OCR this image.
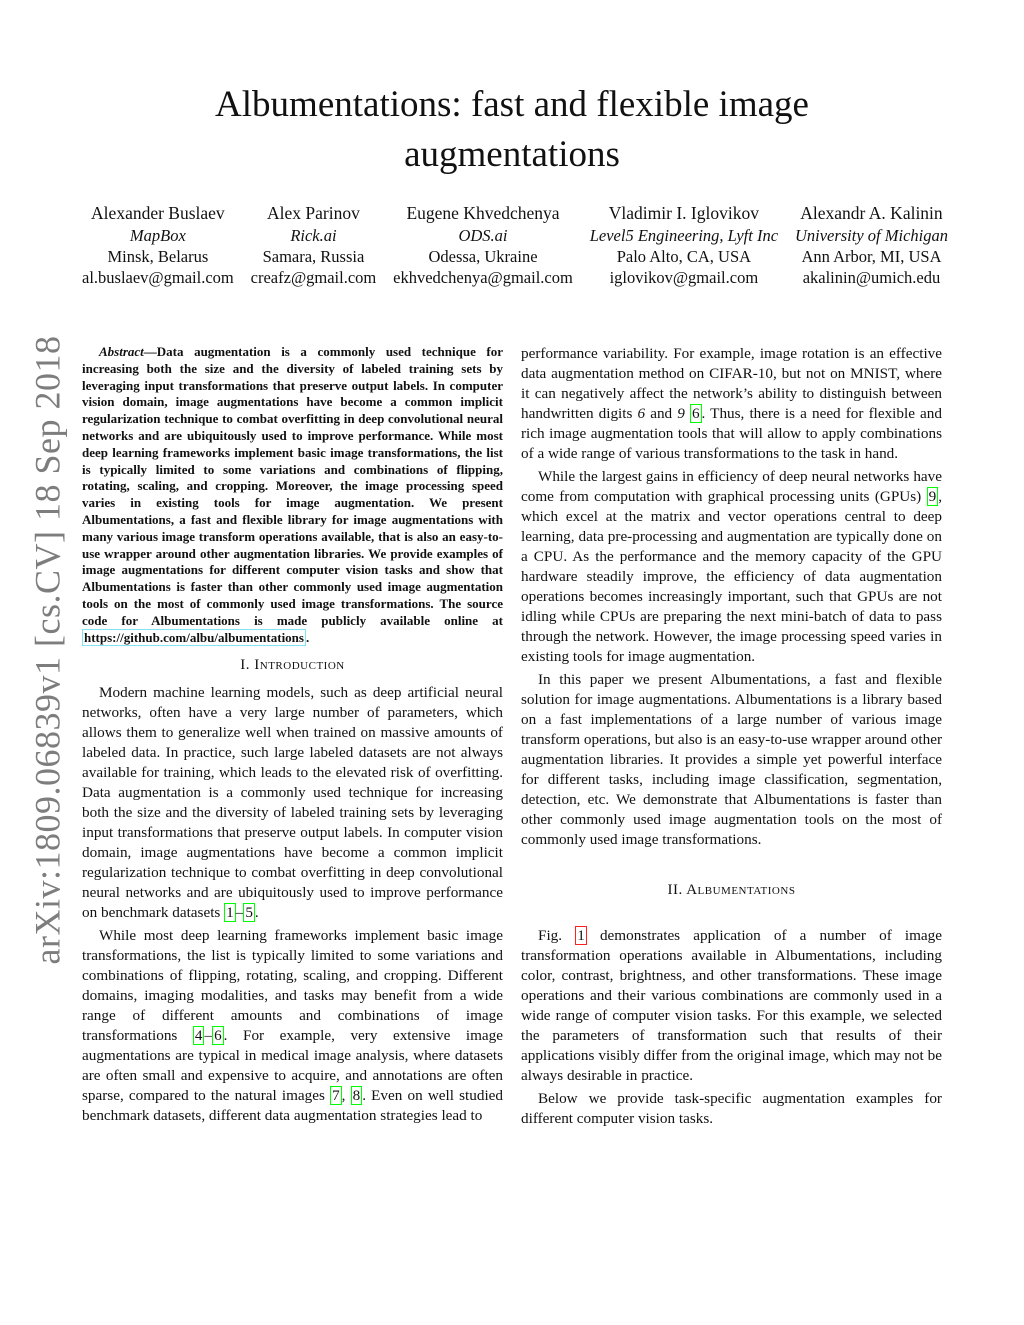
arXiv:1809.06839v1 [cs.CV] 18 Sep 2018
Albumentations: fast and flexible image augmentations
Alexander Buslaev
MapBox
Minsk, Belarus
al.buslaev@gmail.com
Alex Parinov
Rick.ai
Samara, Russia
creafz@gmail.com
Eugene Khvedchenya
ODS.ai
Odessa, Ukraine
ekhvedchenya@gmail.com
Vladimir I. Iglovikov
Level5 Engineering, Lyft Inc
Palo Alto, CA, USA
iglovikov@gmail.com
Alexandr A. Kalinin
University of Michigan
Ann Arbor, MI, USA
akalinin@umich.edu

Abstract—Data augmentation is a commonly used technique for increasing both the size and the diversity of labeled training sets by leveraging input transformations that preserve output labels. In computer vision domain, image augmentations have become a common implicit regularization technique to combat overfitting in deep convolutional neural networks and are ubiquitously used to improve performance. While most deep learning frameworks implement basic image transformations, the list is typically limited to some variations and combinations of flipping, rotating, scaling, and cropping. Moreover, the image processing speed varies in existing tools for image augmentation. We present Albumentations, a fast and flexible library for image augmentations with many various image transform operations available, that is also an easy-to-use wrapper around other augmentation libraries. We provide examples of image augmentations for different computer vision tasks and show that Albumentations is faster than other commonly used image augmentation tools on the most of commonly used image transformations. The source code for Albumentations is made publicly available online at https://github.com/albu/albumentations .

I. Introduction

Modern machine learning models, such as deep artificial neural networks, often have a very large number of parameters, which allows them to generalize well when trained on massive amounts of labeled data. In practice, such large labeled datasets are not always available for training, which leads to the elevated risk of overfitting. Data augmentation is a commonly used technique for increasing both the size and the diversity of labeled training sets by leveraging input transformations that preserve output labels. In computer vision domain, image augmentations have become a common implicit regularization technique to combat overfitting in deep convolutional neural networks and are ubiquitously used to improve performance on benchmark datasets 1 – 5 .

While most deep learning frameworks implement basic image transformations, the list is typically limited to some variations and combinations of flipping, rotating, scaling, and cropping. Different domains, imaging modalities, and tasks may benefit from a wide range of different amounts and combinations of image transformations 4 – 6 . For example, very extensive image augmentations are typical in medical image analysis, where datasets are often small and expensive to acquire, and annotations are often sparse, compared to the natural images 7 , 8 . Even on well studied benchmark datasets, different data augmentation strategies lead to

performance variability. For example, image rotation is an effective data augmentation method on CIFAR-10, but not on MNIST, where it can negatively affect the network’s ability to distinguish between handwritten digits 6 and 9 6 . Thus, there is a need for flexible and rich image augmentation tools that will allow to apply combinations of a wide range of various transformations to the task in hand.

While the largest gains in efficiency of deep neural networks have come from computation with graphical processing units (GPUs) 9 , which excel at the matrix and vector operations central to deep learning, data pre-processing and augmentation are typically done on a CPU. As the performance and the memory capacity of the GPU hardware steadily improve, the efficiency of data augmentation operations becomes increasingly important, such that GPUs are not idling while CPUs are preparing the next mini-batch of data to pass through the network. However, the image processing speed varies in existing tools for image augmentation.

In this paper we present Albumentations, a fast and flexible solution for image augmentations. Albumentations is a library based on a fast implementations of a large number of various image transform operations, but also is an easy-to-use wrapper around other augmentation libraries. It provides a simple yet powerful interface for different tasks, including image classification, segmentation, detection, etc. We demonstrate that Albumentations is faster than other commonly used image augmentation tools on the most of commonly used image transformations.

II. Albumentations

Fig. 1 demonstrates application of a number of image transformation operations available in Albumentations, including color, contrast, brightness, and other transformations. These image operations and their various combinations are commonly used in a wide range of computer vision tasks. For this example, we selected the parameters of transformation such that results of their applications visibly differ from the original image, which may not be always desirable in practice.

Below we provide task-specific augmentation examples for different computer vision tasks.
